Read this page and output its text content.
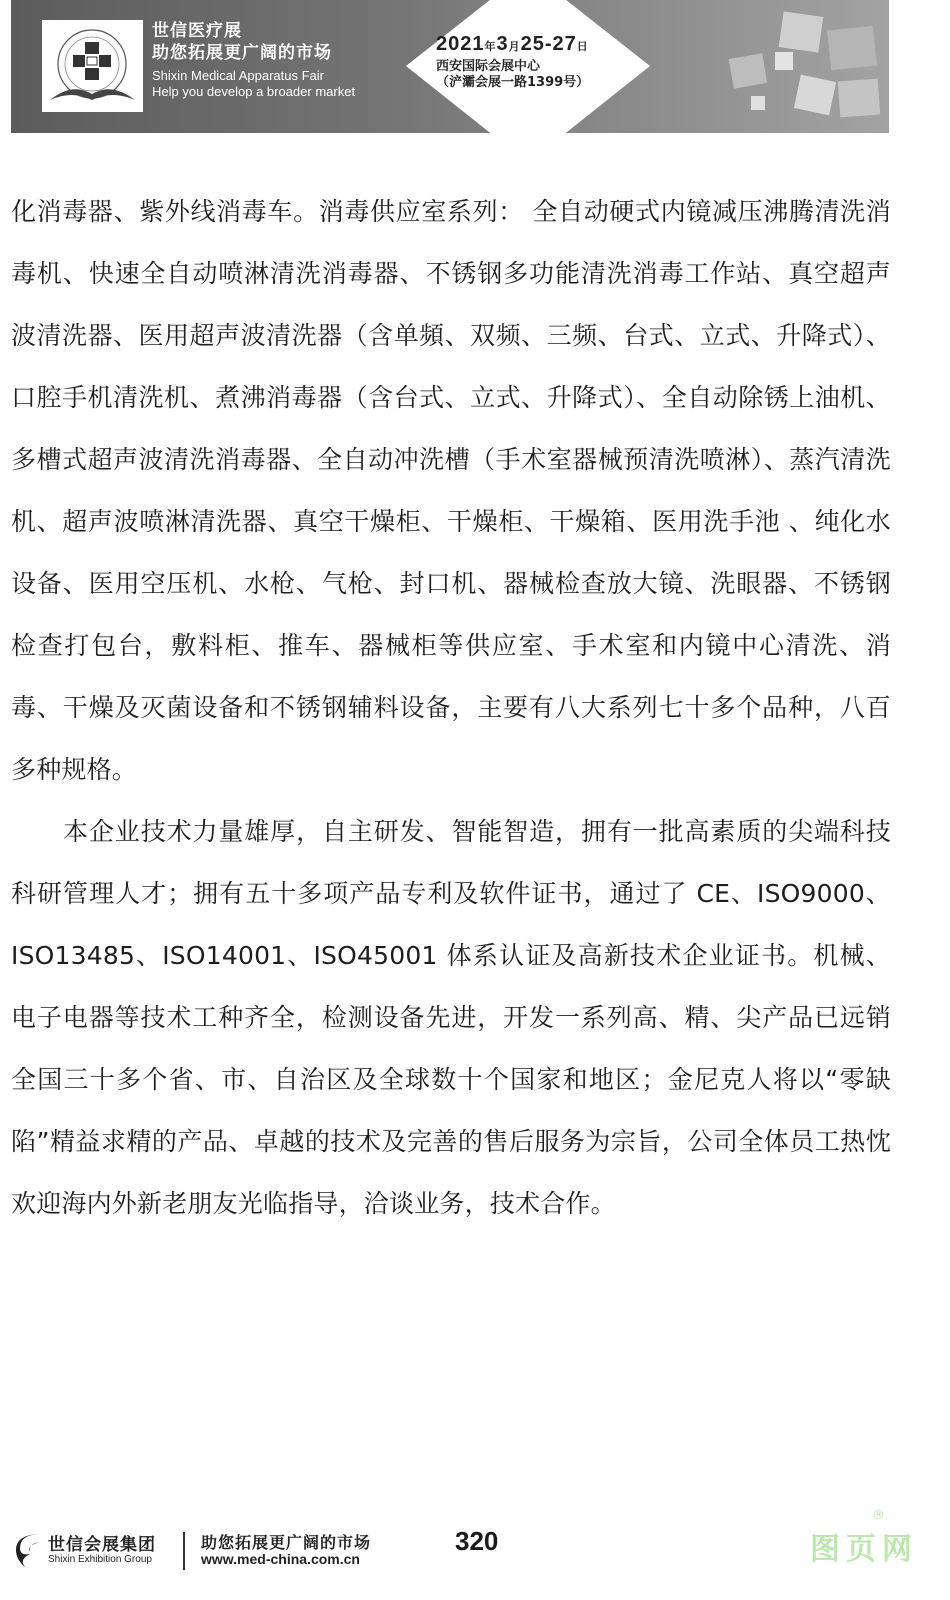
世信医疗展
助您拓展更广阔的市场
Shixin Medical Apparatus Fair
Help you develop a broader market
2021年3月25-27日
西安国际会展中心
（浐灞会展一路1399号）

化消毒器、紫外线消毒车。消毒供应室系列： 全自动硬式内镜减压沸腾清洗消毒机、快速全自动喷淋清洗消毒器、不锈钢多功能清洗消毒工作站、真空超声波清洗器、医用超声波清洗器（含单頻、双频、三频、台式、立式、升降式）、口腔手机清洗机、煮沸消毒器（含台式、立式、升降式）、全自动除锈上油机、 多槽式超声波清洗消毒器、全自动冲洗槽（手术室器械预清洗喷淋）、蒸汽清洗机、超声波喷淋清洗器、真空干燥柜、干燥柜、干燥箱、医用洗手池 、纯化水设备、医用空压机、水枪、气枪、封口机、器械检查放大镜、洗眼器、不锈钢检查打包台，敷料柜、推车、器械柜等供应室、手术室和内镜中心清洗、消毒、干燥及灭菌设备和不锈钢辅料设备，主要有八大系列七十多个品种，八百多种规格。

本企业技术力量雄厚，自主研发、智能智造，拥有一批高素质的尖端科技科研管理人才；拥有五十多项产品专利及软件证书，通过了 CE、ISO9000、ISO13485、ISO14001、ISO45001 体系认证及高新技术企业证书。机械、电子电器等技术工种齐全，检测设备先进，开发一系列高、精、尖产品已远销全国三十多个省、市、自治区及全球数十个国家和地区；金尼克人将以“零缺陷”精益求精的产品、卓越的技术及完善的售后服务为宗旨，公司全体员工热忱欢迎海内外新老朋友光临指导，洽谈业务，技术合作。

世信会展集团
Shixin Exhibition Group
助您拓展更广阔的市场
www.med-china.com.cn
320	图页网
®
